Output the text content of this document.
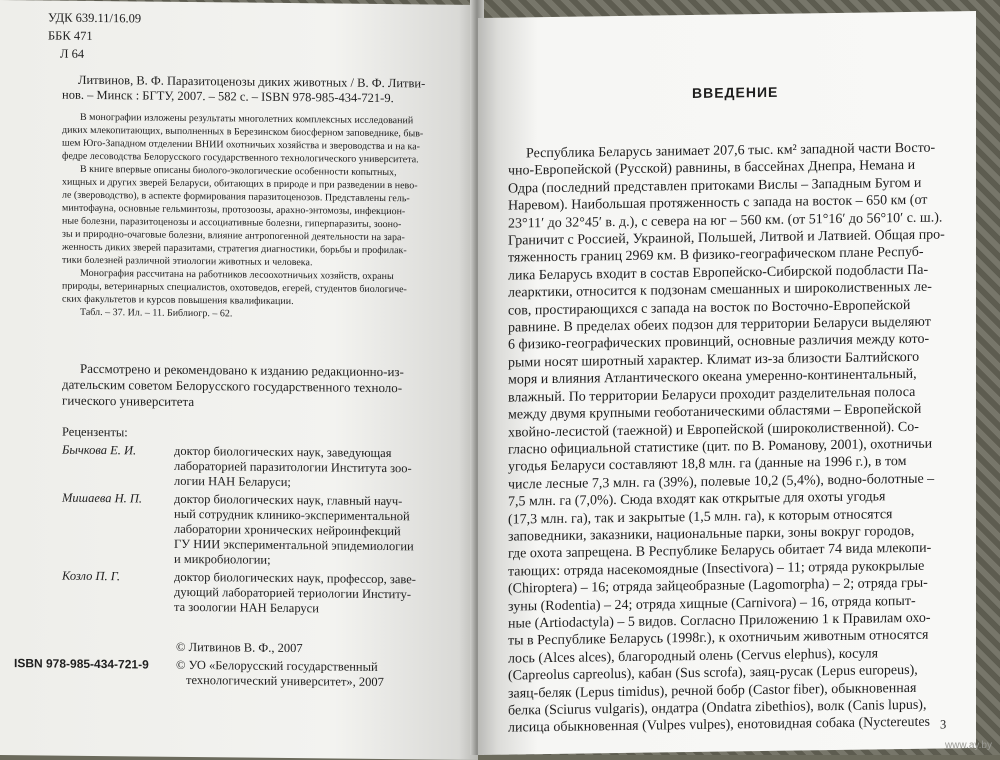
УДК 639.11/16.09
ББК 471
Л 64
Литвинов, В. Ф. Паразитоценозы диких животных / В. Ф. Литви-
нов. – Минск : БГТУ, 2007. – 582 с. – ISBN 978-985-434-721-9.
В монографии изложены результаты многолетних комплексных исследований
диких млекопитающих, выполненных в Березинском биосферном заповеднике, быв-
шем Юго-Западном отделении ВНИИ охотничьих хозяйства и звероводства и на ка-
федре лесоводства Белорусского государственного технологического университета.
В книге впервые описаны биолого-экологические особенности копытных,
хищных и других зверей Беларуси, обитающих в природе и при разведении в нево-
ле (звероводство), в аспекте формирования паразитоценозов. Представлены гель-
минтофауна, основные гельминтозы, протозоозы, арахно-энтомозы, инфекцион-
ные болезни, паразитоценозы и ассоциативные болезни, гиперпаразиты, зооно-
зы и природно-очаговые болезни, влияние антропогенной деятельности на зара-
женность диких зверей паразитами, стратегия диагностики, борьбы и профилак-
тики болезней различной этиологии животных и человека.
Монография рассчитана на работников лесоохотничьих хозяйств, охраны
природы, ветеринарных специалистов, охотоведов, егерей, студентов биологиче-
ских факультетов и курсов повышения квалификации.
Табл. – 37. Ил. – 11. Библиогр. – 62.
Рассмотрено и рекомендовано к изданию редакционно-из-
дательским советом Белорусского государственного техноло-
гического университета
Рецензенты:
Бычкова Е. И.	доктор биологических наук, заведующая
лабораторией паразитологии Института зоо-
логии НАН Беларуси;
Мишаева Н. П.	доктор биологических наук, главный науч-
ный сотрудник клинико-экспериментальной
лаборатории хронических нейроинфекций
ГУ НИИ экспериментальной эпидемиологии
и микробиологии;
Козло П. Г.	доктор биологических наук, профессор, заве-
дующий лабораторией териологии Институ-
та зоологии НАН Беларуси
© Литвинов В. Ф., 2007
ISBN 978-985-434-721-9 © УО «Белорусский государственный
технологический университет», 2007
ВВЕДЕНИЕ
Республика Беларусь занимает 207,6 тыс. км² западной части Восто-
чно-Европейской (Русской) равнины, в бассейнах Днепра, Немана и
Одра (последний представлен притоками Вислы – Западным Бугом и
Наревом). Наибольшая протяженность с запада на восток – 650 км (от
23°11′ до 32°45′ в. д.), с севера на юг – 560 км. (от 51°16′ до 56°10′ с. ш.).
Граничит с Россией, Украиной, Польшей, Литвой и Латвией. Общая про-
тяженность границ 2969 км. В физико-географическом плане Респуб-
лика Беларусь входит в состав Европейско-Сибирской подобласти Па-
леарктики, относится к подзонам смешанных и широколиственных ле-
сов, простирающихся с запада на восток по Восточно-Европейской
равнине. В пределах обеих подзон для территории Беларуси выделяют
6 физико-географических провинций, основные различия между кото-
рыми носят широтный характер. Климат из-за близости Балтийского
моря и влияния Атлантического океана умеренно-континентальный,
влажный. По территории Беларуси проходит разделительная полоса
между двумя крупными геоботаническими областями – Европейской
хвойно-лесистой (таежной) и Европейской (широколиственной). Со-
гласно официальной статистике (цит. по В. Романову, 2001), охотничьи
угодья Беларуси составляют 18,8 млн. га (данные на 1996 г.), в том
числе лесные 7,3 млн. га (39%), полевые 10,2 (5,4%), водно-болотные –
7,5 млн. га (7,0%). Сюда входят как открытые для охоты угодья
(17,3 млн. га), так и закрытые (1,5 млн. га), к которым относятся
заповедники, заказники, национальные парки, зоны вокруг городов,
где охота запрещена. В Республике Беларусь обитает 74 вида млекопи-
тающих: отряда насекомоядные (Insectivora) – 11; отряда рукокрылые
(Chiroptera) – 16; отряда зайцеобразные (Lagomorpha) – 2; отряда гры-
зуны (Rodentia) – 24; отряда хищные (Carnivora) – 16, отряда копыт-
ные (Artiodactyla) – 5 видов. Согласно Приложению 1 к Правилам охо-
ты в Республике Беларусь (1998г.), к охотничьим животным относятся
лось (Alces alces), благородный олень (Cervus elephus), косуля
(Capreolus capreolus), кабан (Sus scrofa), заяц-русак (Lepus europeus),
заяц-беляк (Lepus timidus), речной бобр (Castor fiber), обыкновенная
белка (Sciurus vulgaris), ондатра (Ondatra zibethios), волк (Canis lupus),
лисица обыкновенная (Vulpes vulpes), енотовидная собака (Nyctereutes 3
www.ay.by
